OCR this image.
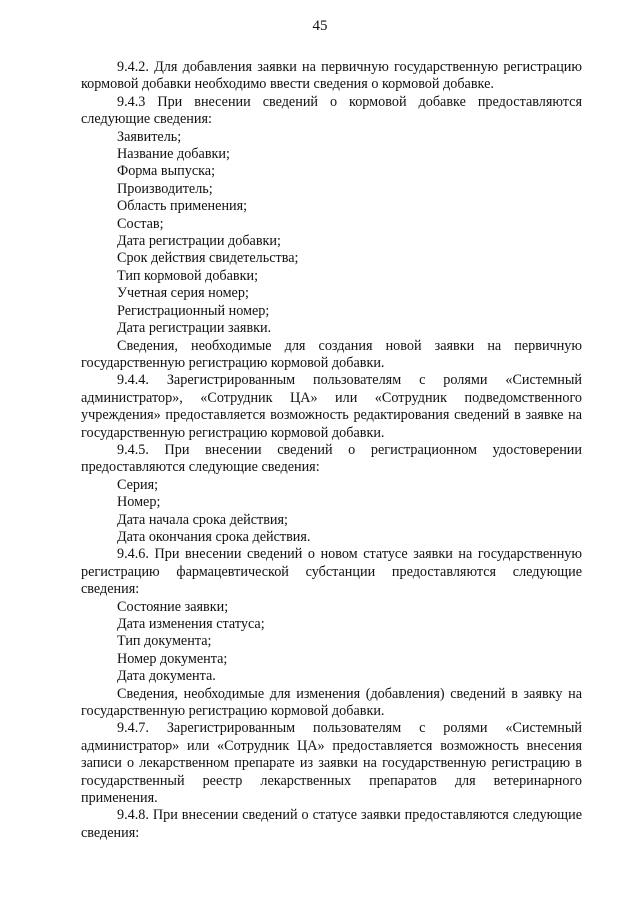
45

9.4.2. Для добавления заявки на первичную государственную регистрацию кормовой добавки необходимо ввести сведения о кормовой добавке.

9.4.3 При внесении сведений о кормовой добавке предоставляются следующие сведения:

Заявитель;

Название добавки;

Форма выпуска;

Производитель;

Область применения;

Состав;

Дата регистрации добавки;

Срок действия свидетельства;

Тип кормовой добавки;

Учетная серия номер;

Регистрационный номер;

Дата регистрации заявки.

Сведения, необходимые для создания новой заявки на первичную государственную регистрацию кормовой добавки.

9.4.4. Зарегистрированным пользователям с ролями «Системный администратор», «Сотрудник ЦА» или «Сотрудник подведомственного учреждения» предоставляется возможность редактирования сведений в заявке на государственную регистрацию кормовой добавки.

9.4.5. При внесении сведений о регистрационном удостоверении предоставляются следующие сведения:

Серия;

Номер;

Дата начала срока действия;

Дата окончания срока действия.

9.4.6. При внесении сведений о новом статусе заявки на государственную регистрацию фармацевтической субстанции предоставляются следующие сведения:

Состояние заявки;

Дата изменения статуса;

Тип документа;

Номер документа;

Дата документа.

Сведения, необходимые для изменения (добавления) сведений в заявку на государственную регистрацию кормовой добавки.

9.4.7. Зарегистрированным пользователям с ролями «Системный администратор» или «Сотрудник ЦА» предоставляется возможность внесения записи о лекарственном препарате из заявки на государственную регистрацию в государственный реестр лекарственных препаратов для ветеринарного применения.

9.4.8. При внесении сведений о статусе заявки предоставляются следующие сведения:
